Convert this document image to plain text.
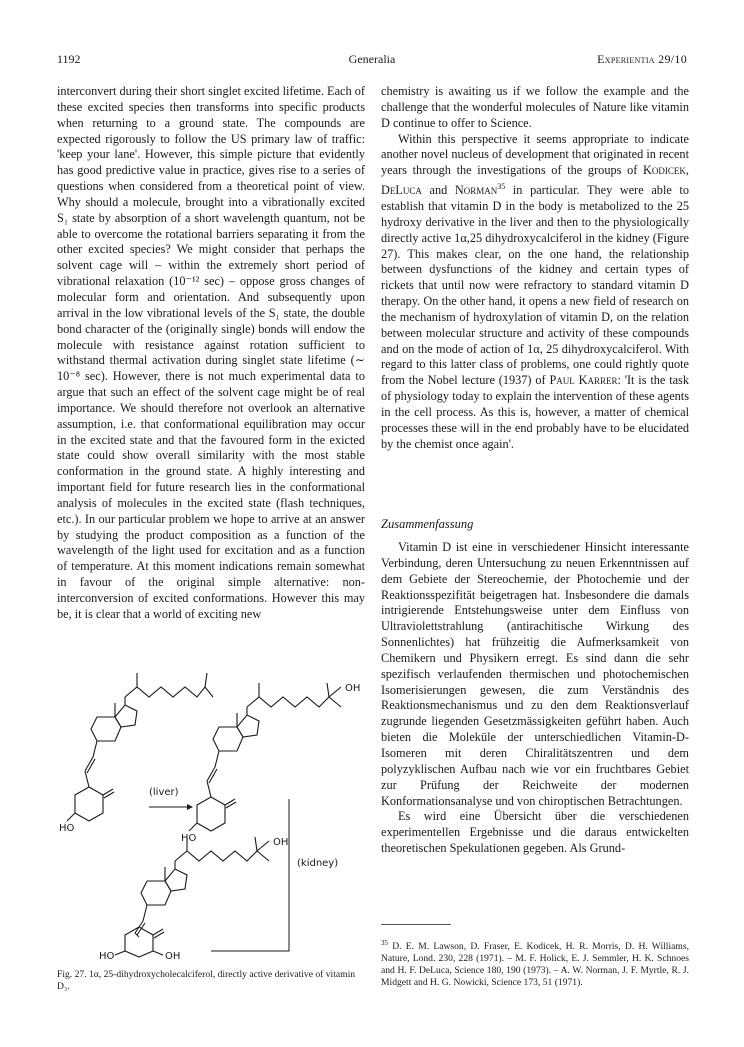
1192	Generalia	Experientia 29/10

interconvert during their short singlet excited lifetime. Each of these excited species then transforms into specific products when returning to a ground state. The compounds are expected rigorously to follow the US primary law of traffic: 'keep your lane'. However, this simple picture that evidently has good predictive value in practice, gives rise to a series of questions when considered from a theoretical point of view. Why should a molecule, brought into a vibrationally excited S₁ state by absorption of a short wavelength quantum, not be able to overcome the rotational barriers separating it from the other excited species? We might consider that perhaps the solvent cage will – within the extremely short period of vibrational relaxation (10⁻¹² sec) – oppose gross changes of molecular form and orientation. And subsequently upon arrival in the low vibrational levels of the S₁ state, the double bond character of the (originally single) bonds will endow the molecule with resistance against rotation sufficient to withstand thermal activation during singlet state lifetime (∼ 10⁻⁸ sec). However, there is not much experimental data to argue that such an effect of the solvent cage might be of real importance. We should therefore not overlook an alternative assumption, i.e. that conformational equilibration may occur in the excited state and that the favoured form in the exicted state could show overall similarity with the most stable conformation in the ground state. A highly interesting and important field for future research lies in the conformational analysis of molecules in the excited state (flash techniques, etc.). In our particular problem we hope to arrive at an answer by studying the product composition as a function of the wavelength of the light used for excitation and as a function of temperature. At this moment indications remain somewhat in favour of the original simple alternative: non-interconversion of excited conformations. However this may be, it is clear that a world of exciting new

chemistry is awaiting us if we follow the example and the challenge that the wonderful molecules of Nature like vitamin D continue to offer to Science.

Within this perspective it seems appropriate to indicate another novel nucleus of development that originated in recent years through the investigations of the groups of Kodicek, DeLuca and Norman$^{35}$ in particular. They were able to establish that vitamin D in the body is metabolized to the 25 hydroxy derivative in the liver and then to the physiologically directly active 1α,25 dihydroxycalciferol in the kidney (Figure 27). This makes clear, on the one hand, the relationship between dysfunctions of the kidney and certain types of rickets that until now were refractory to standard vitamin D therapy. On the other hand, it opens a new field of research on the mechanism of hydroxylation of vitamin D, on the relation between molecular structure and activity of these compounds and on the mode of action of 1α, 25 dihydroxycalciferol. With regard to this latter class of problems, one could rightly quote from the Nobel lecture (1937) of Paul Karrer: 'It is the task of physiology today to explain the intervention of these agents in the cell process. As this is, however, a matter of chemical processes these will in the end probably have to be elucidated by the chemist once again'.

Zusammenfassung

Vitamin D ist eine in verschiedener Hinsicht interessante Verbindung, deren Untersuchung zu neuen Erkenntnissen auf dem Gebiete der Stereochemie, der Photochemie und der Reaktionsspezifität beigetragen hat. Insbesondere die damals intrigierende Entstehungsweise unter dem Einfluss von Ultraviolettstrahlung (antirachitische Wirkung des Sonnenlichtes) hat frühzeitig die Aufmerksamkeit von Chemikern und Physikern erregt. Es sind dann die sehr spezifisch verlaufenden thermischen und photochemischen Isomerisierungen gewesen, die zum Verständnis des Reaktionsmechanismus und zu den dem Reaktionsverlauf zugrunde liegenden Gesetzmässigkeiten geführt haben. Auch bieten die Moleküle der unterschiedlichen Vitamin-D-Isomeren mit deren Chiralitätszentren und dem polyzyklischen Aufbau nach wie vor ein fruchtbares Gebiet zur Prüfung der Reichweite der modernen Konformationsanalyse und von chiroptischen Betrachtungen.

Es wird eine Übersicht über die verschiedenen experimentellen Ergebnisse und die daraus entwickelten theoretischen Spekulationen gegeben. Als Grund-

HO
(liver)
OH
HO
(kidney)
OH
HO	OH
Fig. 27. 1α, 25-dihydroxycholecalciferol, directly active derivative of vitamin D₃.
$^{35}$ D. E. M. Lawson, D. Fraser, E. Kodicek, H. R. Morris, D. H. Williams, Nature, Lond. 230, 228 (1971). – M. F. Holick, E. J. Semmler, H. K. Schnoes and H. F. DeLuca, Science 180, 190 (1973). – A. W. Norman, J. F. Myrtle, R. J. Midgett and H. G. Nowicki, Science 173, 51 (1971).
